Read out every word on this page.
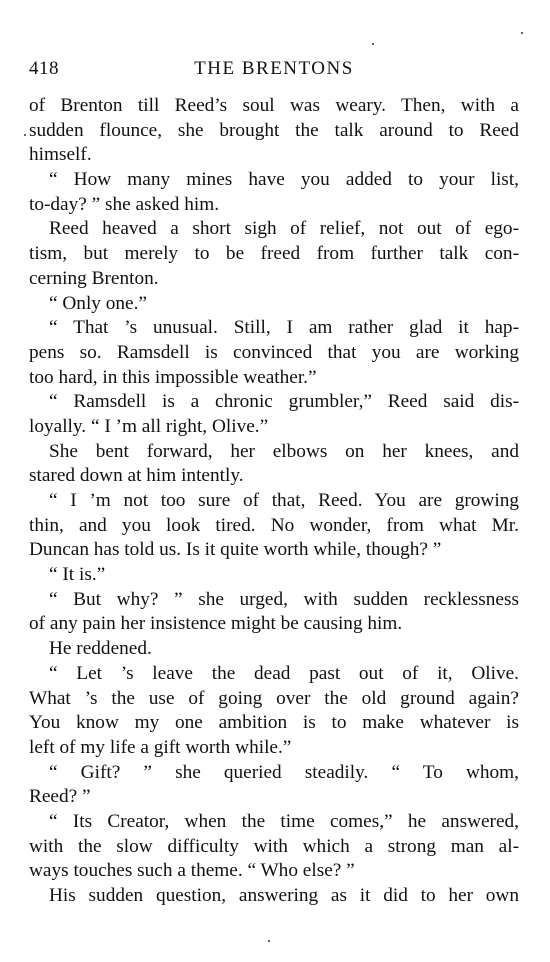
418	THE BRENTONS
of Brenton till Reed’s soul was weary. Then, with a
sudden flounce, she brought the talk around to Reed
himself.
“ How many mines have you added to your list,
to-day? ” she asked him.
Reed heaved a short sigh of relief, not out of ego-
tism, but merely to be freed from further talk con-
cerning Brenton.
“ Only one.”
“ That ’s unusual. Still, I am rather glad it hap-
pens so. Ramsdell is convinced that you are working
too hard, in this impossible weather.”
“ Ramsdell is a chronic grumbler,” Reed said dis-
loyally. “ I ’m all right, Olive.”
She bent forward, her elbows on her knees, and
stared down at him intently.
“ I ’m not too sure of that, Reed. You are growing
thin, and you look tired. No wonder, from what Mr.
Duncan has told us. Is it quite worth while, though? ”
“ It is.”
“ But why? ” she urged, with sudden recklessness
of any pain her insistence might be causing him.
He reddened.
“ Let ’s leave the dead past out of it, Olive.
What ’s the use of going over the old ground again?
You know my one ambition is to make whatever is
left of my life a gift worth while.”
“ Gift? ” she queried steadily. “ To whom,
Reed? ”
“ Its Creator, when the time comes,” he answered,
with the slow difficulty with which a strong man al-
ways touches such a theme. “ Who else? ”
His sudden question, answering as it did to her own
